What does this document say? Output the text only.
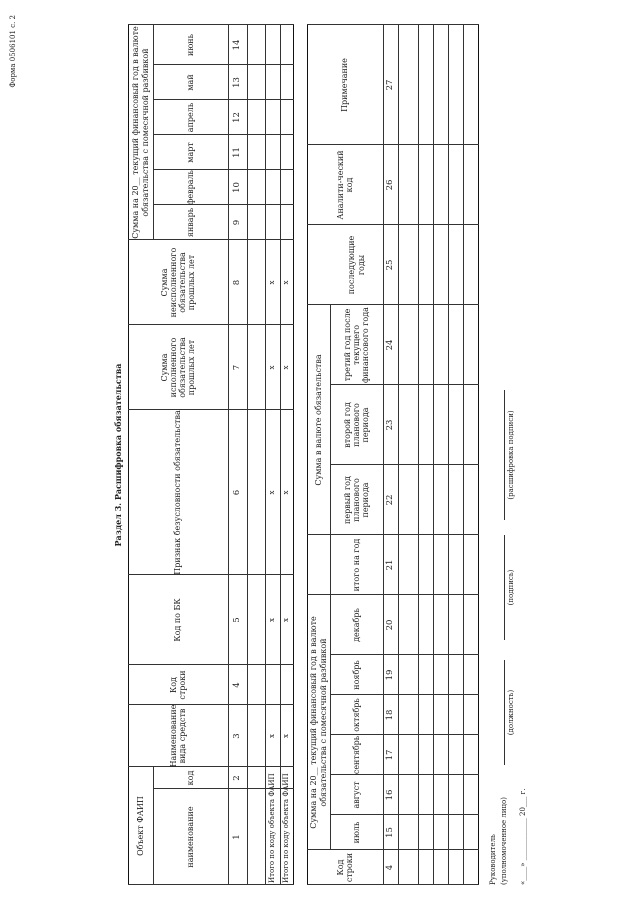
Форма 0506101 с. 2
Раздел 3. Расшифровка обязательства
Объект ФАИП	наименование
код
Наименование вида средств
Код строки
Код по БК
Признак безусловности обязательства
Сумма исполненного обязательства прошлых лет
Сумма неисполненного обязательства прошлых лет
Сумма на 20__ текущий финансовый год в валюте обязательства с помесячной разбивкой
январь
февраль
март
апрель
май
июнь
1
2
3
4
5
6
7
8
9
10
11
12
13
14
Итого по коду объекта ФАИП
x
x
x
x
x
Итого по коду объекта ФАИП
x
x
x
x
x
Код строки
Сумма на 20__ текущий финансовый год в валюте обязательства с помесячной разбивкой
июль
август
сентябрь
октябрь
ноябрь
декабрь
итого на год
Сумма в валюте обязательства
первый год планового периода
второй год планового периода
третий год после текущего финансового года
последующие годы
Аналити-ческий код
Примечание
4
15
16
17
18
19
20
21
22
23
24
25
26
27
Руководитель (уполномоченное лицо)
(должность)
(подпись)
(расшифровка подписи)
«____» ____________ 20___ г.
